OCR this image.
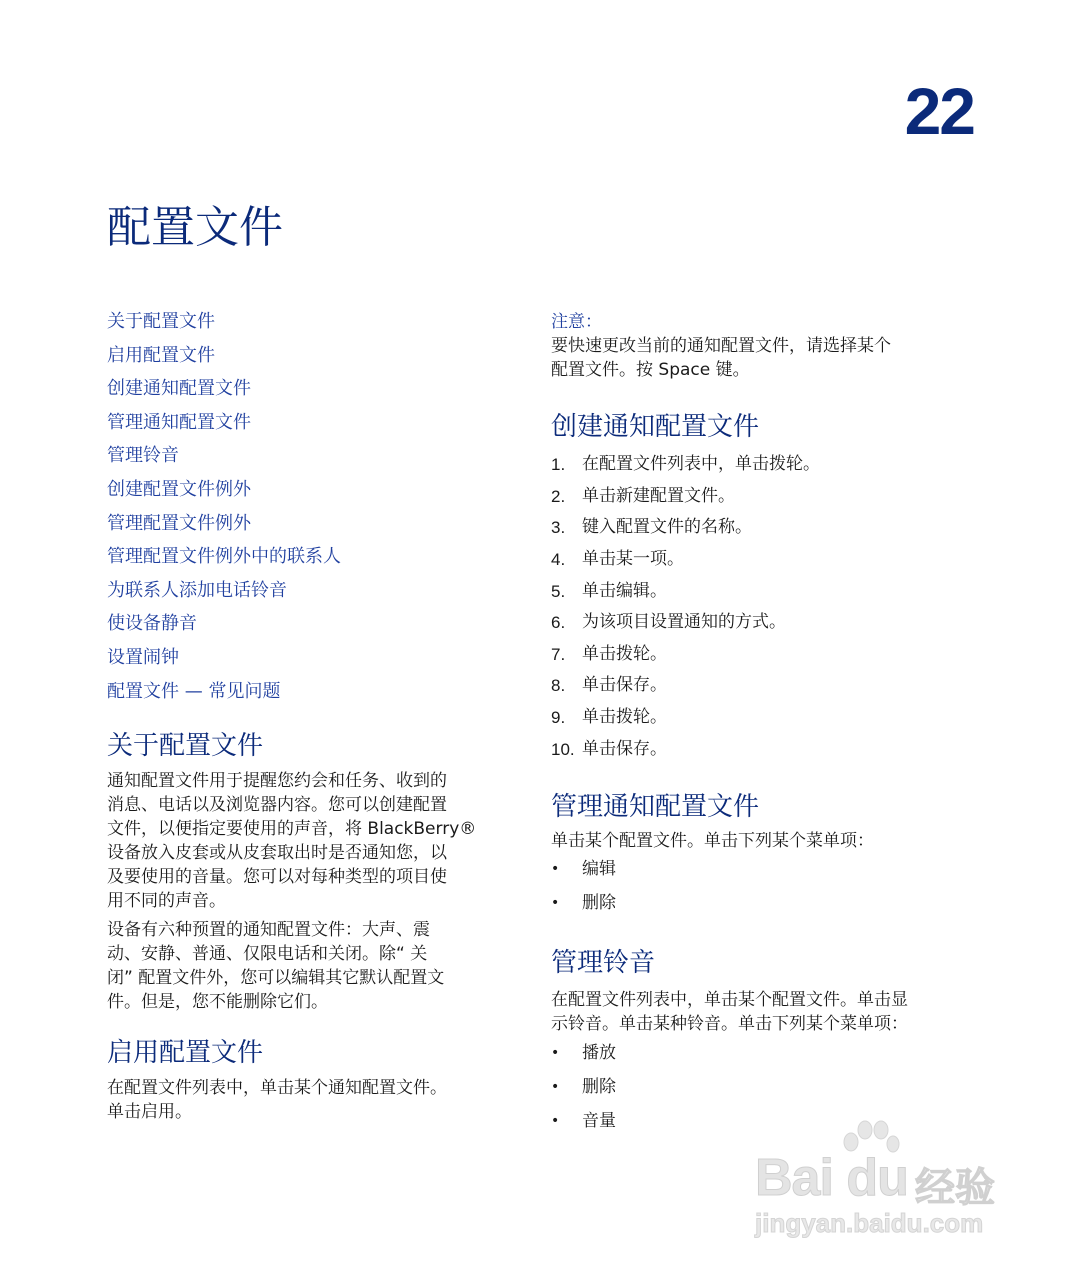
22
配置文件
关于配置文件
启用配置文件
创建通知配置文件
管理通知配置文件
管理铃音
创建配置文件例外
管理配置文件例外
管理配置文件例外中的联系人
为联系人添加电话铃音
使设备静音
设置闹钟
配置文件 — 常见问题
关于配置文件

通知配置文件用于提醒您约会和任务、收到的

消息、电话以及浏览器内容。您可以创建配置

文件，以便指定要使用的声音，将 BlackBerry®

设备放入皮套或从皮套取出时是否通知您，以

及要使用的音量。您可以对每种类型的项目使

用不同的声音。

设备有六种预置的通知配置文件：大声、震

动、安静、普通、仅限电话和关闭。除“ 关

闭” 配置文件外，您可以编辑其它默认配置文

件。但是，您不能删除它们。

启用配置文件

在配置文件列表中，单击某个通知配置文件。

单击启用。

注意：

要快速更改当前的通知配置文件，请选择某个

配置文件。按 Space 键。

创建通知配置文件
1. 在配置文件列表中，单击拨轮。
2. 单击新建配置文件。
3. 键入配置文件的名称。
4. 单击某一项。
5. 单击编辑。
6. 为该项目设置通知的方式。
7. 单击拨轮。
8. 单击保存。
9. 单击拨轮。
10. 单击保存。
管理通知配置文件

单击某个配置文件。单击下列某个菜单项：

•	编辑
•	删除
管理铃音

在配置文件列表中，单击某个配置文件。单击显

示铃音。单击某种铃音。单击下列某个菜单项：

•	播放
•	删除
•	音量
Bai du 经验
jingyan.baidu.com
